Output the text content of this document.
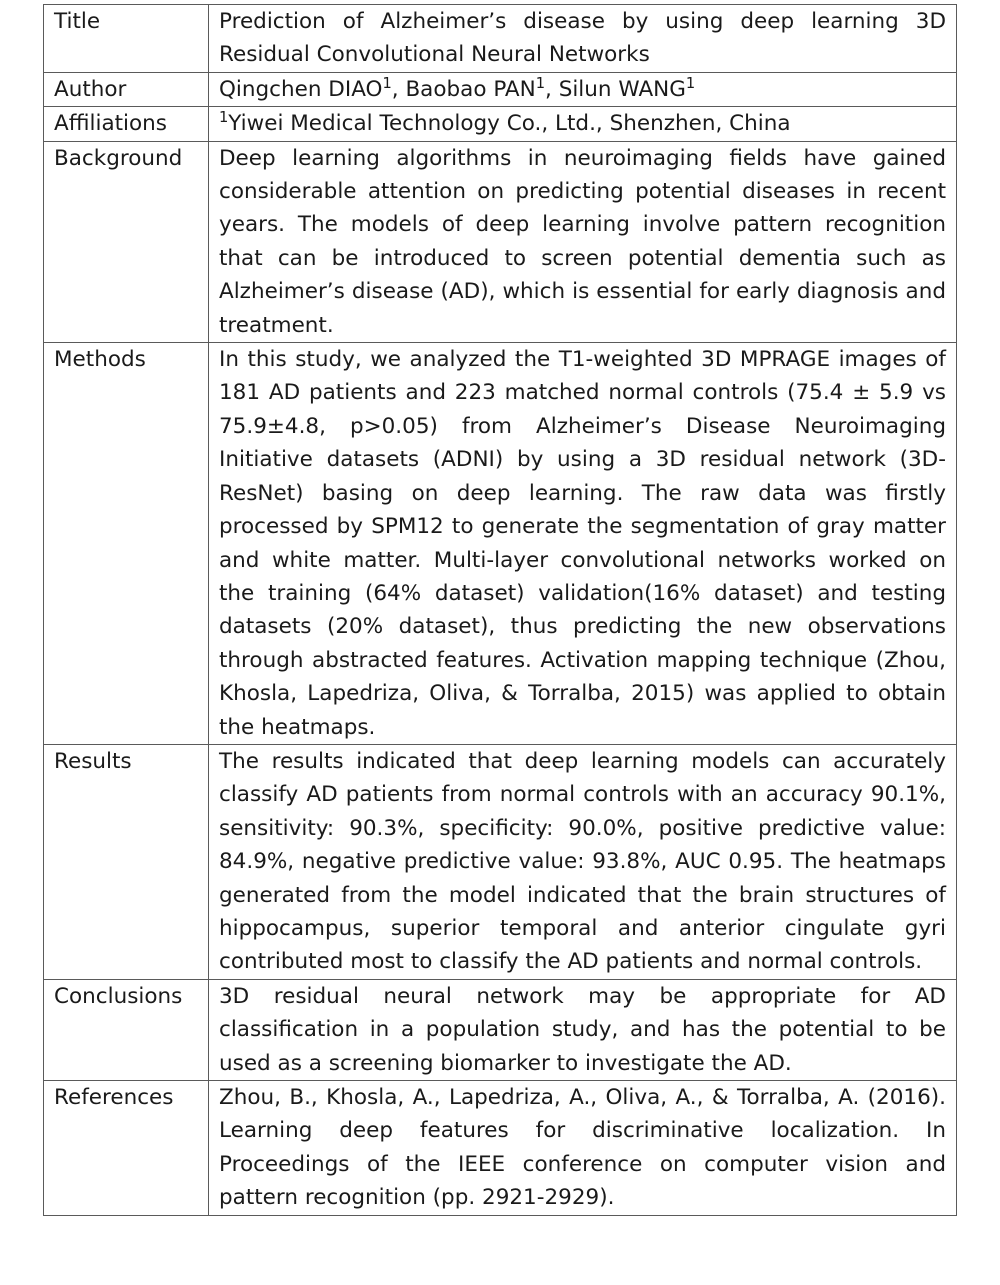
Title	Prediction of Alzheimer’s disease by using deep learning 3D Residual Convolutional Neural Networks
Author	Qingchen DIAO$^1$, Baobao PAN$^1$, Silun WANG$^1$
Affiliations	$^1$Yiwei Medical Technology Co., Ltd., Shenzhen, China
Background	Deep learning algorithms in neuroimaging fields have gained considerable attention on predicting potential diseases in recent years. The models of deep learning involve pattern recognition that can be introduced to screen potential dementia such as Alzheimer’s disease (AD), which is essential for early diagnosis and treatment.
Methods	In this study, we analyzed the T1-weighted 3D MPRAGE images of 181 AD patients and 223 matched normal controls (75.4 ± 5.9 vs 75.9±4.8, p>0.05) from Alzheimer’s Disease Neuroimaging Initiative datasets (ADNI) by using a 3D residual network (3D-ResNet) basing on deep learning. The raw data was firstly processed by SPM12 to generate the segmentation of gray matter and white matter. Multi-layer convolutional networks worked on the training (64% dataset) validation(16% dataset) and testing datasets (20% dataset), thus predicting the new observations through abstracted features. Activation mapping technique (Zhou, Khosla, Lapedriza, Oliva, & Torralba, 2015) was applied to obtain the heatmaps.
Results	The results indicated that deep learning models can accurately classify AD patients from normal controls with an accuracy 90.1%, sensitivity: 90.3%, specificity: 90.0%, positive predictive value: 84.9%, negative predictive value: 93.8%, AUC 0.95. The heatmaps generated from the model indicated that the brain structures of hippocampus, superior temporal and anterior cingulate gyri contributed most to classify the AD patients and normal controls.
Conclusions	3D residual neural network may be appropriate for AD classification in a population study, and has the potential to be used as a screening biomarker to investigate the AD.
References	Zhou, B., Khosla, A., Lapedriza, A., Oliva, A., & Torralba, A. (2016). Learning deep features for discriminative localization. In Proceedings of the IEEE conference on computer vision and pattern recognition (pp. 2921-2929).
